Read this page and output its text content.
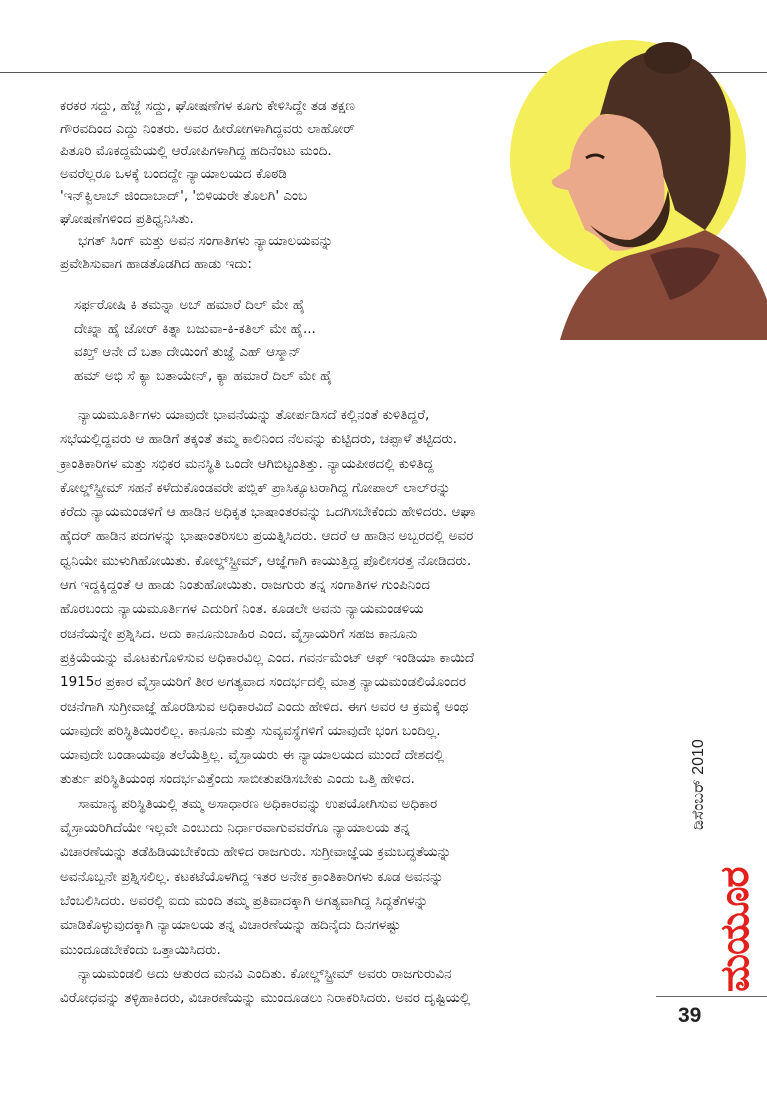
ಕರಕರ ಸದ್ದು, ಹೆಜ್ಜೆ ಸದ್ದು, ಘೋಷಣೆಗಳ ಕೂಗು ಕೇಳಿಸಿದ್ದೇ ತಡ ತಕ್ಷಣ

ಗೌರವದಿಂದ ಎದ್ದು ನಿಂತರು. ಅವರ ಹೀರೋಗಳಾಗಿದ್ದವರು ಲಾಹೋರ್

ಪಿತೂರಿ ಮೊಕದ್ದಮೆಯಲ್ಲಿ ಆರೋಪಿಗಳಾಗಿದ್ದ ಹದಿನೆಂಟು ಮಂದಿ.

ಅವರೆಲ್ಲರೂ ಒಳಕ್ಕೆ ಬಂದದ್ದೇ ನ್ಯಾಯಾಲಯದ ಕೊಠಡಿ

'ಇನ್‌ಕ್ವಿಲಾಬ್ ಜಿಂದಾಬಾದ್', 'ಬಿಳಿಯರೇ ತೊಲಗಿ' ಎಂಬ

ಘೋಷಣೆಗಳಿಂದ ಪ್ರತಿಧ್ವನಿಸಿತು.

ಭಗತ್ ಸಿಂಗ್ ಮತ್ತು ಅವನ ಸಂಗಾತಿಗಳು ನ್ಯಾಯಾಲಯವನ್ನು

ಪ್ರವೇಶಿಸುವಾಗ ಹಾಡತೊಡಗಿದ ಹಾಡು ಇದು:

ಸರ್ಫರೋಷಿ ಕಿ ತಮನ್ನಾ ಅಬ್ ಹಮಾರೆ ದಿಲ್ ಮೇ ಹೈ

ದೇಖ್ನಾ ಹೈ ಜೋರ್ ಕಿತ್ನಾ ಬಜುವಾ-ಕಿ-ಕತಿಲ್ ಮೇ ಹೈ...

ವಖ್ತ್ ಆನೇ ದೆ ಬತಾ ದೇಯಿಂಗೆ ತುಜ್ಹೆ ಎಹ್ ಆಸ್ಮಾನ್

ಹಮ್ ಅಭಿ ಸೆ ಕ್ಯಾ ಬತಾಯೇನ್, ಕ್ಯಾ ಹಮಾರೆ ದಿಲ್ ಮೇ ಹೈ

ನ್ಯಾಯಮೂರ್ತಿಗಳು ಯಾವುದೇ ಭಾವನೆಯನ್ನು ತೋರ್ಪಡಿಸದೆ ಕಲ್ಲಿನಂತೆ ಕುಳಿತಿದ್ದರೆ,

ಸಭೆಯಲ್ಲಿದ್ದವರು ಆ ಹಾಡಿಗೆ ತಕ್ಕಂತೆ ತಮ್ಮ ಕಾಲಿನಿಂದ ನೆಲವನ್ನು ಕುಟ್ಟಿದರು, ಚಪ್ಪಾಳೆ ತಟ್ಟಿದರು.

ಕ್ರಾಂತಿಕಾರಿಗಳ ಮತ್ತು ಸಭಿಕರ ಮನಸ್ಥಿತಿ ಒಂದೇ ಆಗಿಬಿಟ್ಟಂತಿತ್ತು. ನ್ಯಾಯಪೀಠದಲ್ಲಿ ಕುಳಿತಿದ್ದ

ಕೋಲ್ಡ್‌ಸ್ಟ್ರೀಮ್ ಸಹನೆ ಕಳೆದುಕೊಂಡವರೇ ಪಬ್ಲಿಕ್ ಪ್ರಾಸಿಕ್ಯೂಟರಾಗಿದ್ದ ಗೋಪಾಲ್ ಲಾಲ್‌ರನ್ನು

ಕರೆದು ನ್ಯಾಯಮಂಡಳಿಗೆ ಆ ಹಾಡಿನ ಅಧಿಕೃತ ಭಾಷಾಂತರವನ್ನು ಒದಗಿಸಬೇಕೆಂದು ಹೇಳಿದರು. ಆಘಾ

ಹೈದರ್ ಹಾಡಿನ ಪದಗಳನ್ನು ಭಾಷಾಂತರಿಸಲು ಪ್ರಯತ್ನಿಸಿದರು. ಆದರೆ ಆ ಹಾಡಿನ ಅಬ್ಬರದಲ್ಲಿ ಅವರ

ಧ್ವನಿಯೇ ಮುಳುಗಿಹೋಯಿತು. ಕೋಲ್ಡ್‌ಸ್ಟ್ರೀಮ್, ಆಜ್ಞೆಗಾಗಿ ಕಾಯುತ್ತಿದ್ದ ಪೊಲೀಸರತ್ತ ನೋಡಿದರು.

ಆಗ ಇದ್ದಕ್ಕಿದ್ದಂತೆ ಆ ಹಾಡು ನಿಂತುಹೋಯಿತು. ರಾಜಗುರು ತನ್ನ ಸಂಗಾತಿಗಳ ಗುಂಪಿನಿಂದ

ಹೊರಬಂದು ನ್ಯಾಯಮೂರ್ತಿಗಳ ಎದುರಿಗೆ ನಿಂತ. ಕೂಡಲೇ ಅವನು ನ್ಯಾಯಮಂಡಳಿಯ

ರಚನೆಯನ್ನೇ ಪ್ರಶ್ನಿಸಿದ. ಅದು ಕಾನೂನುಬಾಹಿರ ಎಂದ. ವೈಸ್ರಾಯರಿಗೆ ಸಹಜ ಕಾನೂನು

ಪ್ರಕ್ರಿಯೆಯನ್ನು ಮೊಟಕುಗೊಳಿಸುವ ಅಧಿಕಾರವಿಲ್ಲ ಎಂದ. ಗವರ್ನಮೆಂಟ್ ಆಫ್ ಇಂಡಿಯಾ ಕಾಯಿದೆ

1915ರ ಪ್ರಕಾರ ವೈಸ್ರಾಯರಿಗೆ ತೀರ ಅಗತ್ಯವಾದ ಸಂದರ್ಭದಲ್ಲಿ ಮಾತ್ರ ನ್ಯಾಯಮಂಡಲಿಯೊಂದರ

ರಚನೆಗಾಗಿ ಸುಗ್ರೀವಾಜ್ಞೆ ಹೊರಡಿಸುವ ಅಧಿಕಾರವಿದೆ ಎಂದು ಹೇಳಿದ. ಈಗ ಅವರ ಆ ಕ್ರಮಕ್ಕೆ ಅಂಥ

ಯಾವುದೇ ಪರಿಸ್ಥಿತಿಯಿರಲಿಲ್ಲ. ಕಾನೂನು ಮತ್ತು ಸುವ್ಯವಸ್ಥೆಗಳಿಗೆ ಯಾವುದೇ ಭಂಗ ಬಂದಿಲ್ಲ.

ಯಾವುದೇ ಬಂಡಾಯವೂ ತಲೆಯೆತ್ತಿಲ್ಲ. ವೈಸ್ರಾಯರು ಈ ನ್ಯಾಯಾಲಯದ ಮುಂದೆ ದೇಶದಲ್ಲಿ

ತುರ್ತು ಪರಿಸ್ಥಿತಿಯಂಥ ಸಂದರ್ಭವಿತ್ತೆಂದು ಸಾಬೀತುಪಡಿಸಬೇಕು ಎಂದು ಒತ್ತಿ ಹೇಳಿದ.

ಸಾಮಾನ್ಯ ಪರಿಸ್ಥಿತಿಯಲ್ಲಿ ತಮ್ಮ ಅಸಾಧಾರಣ ಅಧಿಕಾರವನ್ನು ಉಪಯೋಗಿಸುವ ಅಧಿಕಾರ

ವೈಸ್ರಾಯರಿಗಿದೆಯೇ ಇಲ್ಲವೇ ಎಂಬುದು ನಿರ್ಧಾರವಾಗುವವರೆಗೂ ನ್ಯಾಯಾಲಯ ತನ್ನ

ವಿಚಾರಣೆಯನ್ನು ತಡೆಹಿಡಿಯಬೇಕೆಂದು ಹೇಳಿದ ರಾಜಗುರು. ಸುಗ್ರೀವಾಜ್ಞೆಯ ಕ್ರಮಬದ್ಧತೆಯನ್ನು

ಅವನೊಬ್ಬನೇ ಪ್ರಶ್ನಿಸಲಿಲ್ಲ. ಕಟಕಟೆಯೊಳಗಿದ್ದ ಇತರ ಅನೇಕ ಕ್ರಾಂತಿಕಾರಿಗಳು ಕೂಡ ಅವನನ್ನು

ಬೆಂಬಲಿಸಿದರು. ಅವರಲ್ಲಿ ಐದು ಮಂದಿ ತಮ್ಮ ಪ್ರತಿವಾದಕ್ಕಾಗಿ ಅಗತ್ಯವಾಗಿದ್ದ ಸಿದ್ಧತೆಗಳನ್ನು

ಮಾಡಿಕೊಳ್ಳುವುದಕ್ಕಾಗಿ ನ್ಯಾಯಾಲಯ ತನ್ನ ವಿಚಾರಣೆಯನ್ನು ಹದಿನೈದು ದಿನಗಳಷ್ಟು

ಮುಂದೂಡಬೇಕೆಂದು ಒತ್ತಾಯಿಸಿದರು.

ನ್ಯಾಯಮಂಡಲಿ ಅದು ಆತುರದ ಮನವಿ ಎಂದಿತು. ಕೋಲ್ಡ್‌ಸ್ಟ್ರೀಮ್ ಅವರು ರಾಜಗುರುವಿನ

ವಿರೋಧವನ್ನು ತಳ್ಳಿಹಾಕಿದರು, ವಿಚಾರಣೆಯನ್ನು ಮುಂದೂಡಲು ನಿರಾಕರಿಸಿದರು. ಅವರ ದೃಷ್ಟಿಯಲ್ಲಿ

ಡಿಸೆಂಬರ್ 2010
ಮಯೂರ
39
